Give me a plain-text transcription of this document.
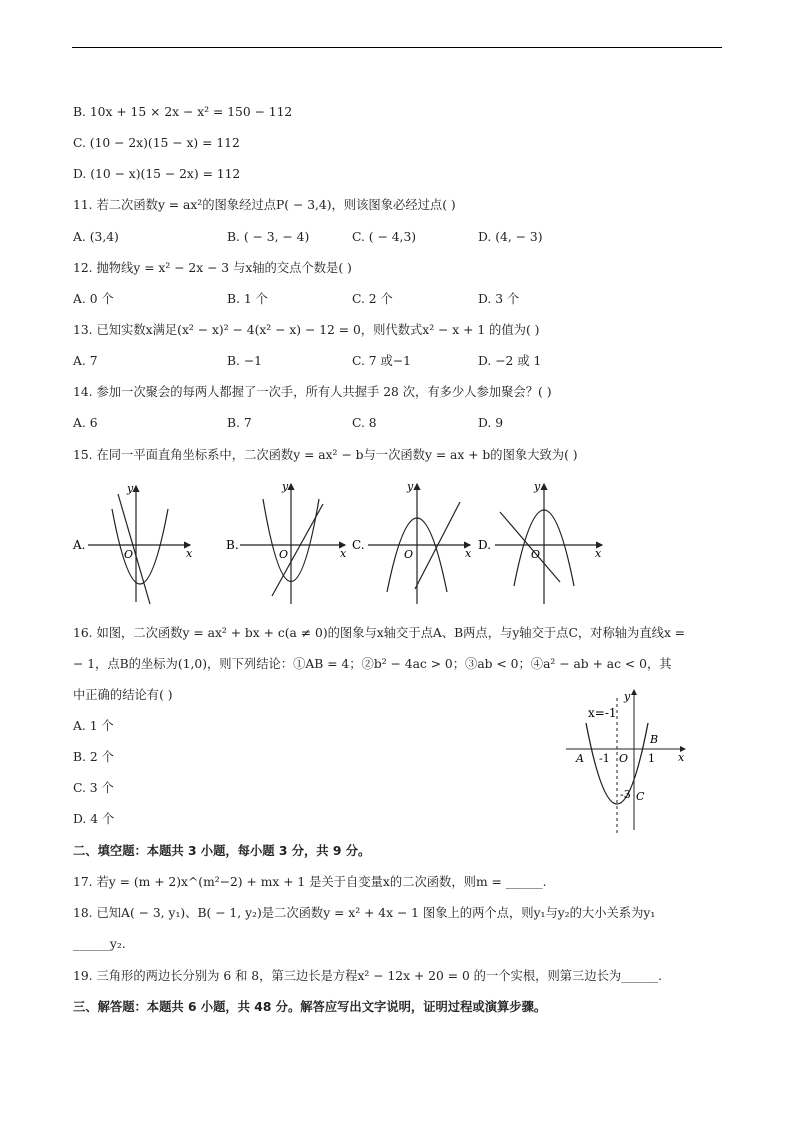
B. 10x + 15 × 2x − x² = 150 − 112
C. (10 − 2x)(15 − x) = 112
D. (10 − x)(15 − 2x) = 112
11. 若二次函数y = ax²的图象经过点P( − 3,4)，则该图象必经过点( )
A. (3,4)	B. ( − 3, − 4)	C. ( − 4,3)	D. (4, − 3)
12. 抛物线y = x² − 2x − 3 与x轴的交点个数是( )
A. 0 个	B. 1 个	C. 2 个	D. 3 个
13. 已知实数x满足(x² − x)² − 4(x² − x) − 12 = 0，则代数式x² − x + 1 的值为( )
A. 7	B. −1	C. 7 或−1	D. −2 或 1
14. 参加一次聚会的每两人都握了一次手，所有人共握手 28 次，有多少人参加聚会？( )
A. 6	B. 7	C. 8	D. 9
15. 在同一平面直角坐标系中，二次函数y = ax² − b与一次函数y = ax + b的图象大致为( )
A.
y
x
O
B.
y
x
O
C.
y
x
O
D.
y
x
O
16. 如图，二次函数y = ax² + bx + c(a ≠ 0)的图象与x轴交于点A、B两点，与y轴交于点C，对称轴为直线x =
− 1，点B的坐标为(1,0)，则下列结论：①AB = 4；②b² − 4ac > 0；③ab < 0；④a² − ab + ac < 0，其
中正确的结论有( )
A. 1 个
B. 2 个
C. 3 个
D. 4 个
x=-1
y
x
A -1 O 1
B
-3 C
二、填空题：本题共 3 小题，每小题 3 分，共 9 分。
17. 若y = (m + 2)x^(m²−2) + mx + 1 是关于自变量x的二次函数，则m = ______.
18. 已知A( − 3, y₁)、B( − 1, y₂)是二次函数y = x² + 4x − 1 图象上的两个点，则y₁与y₂的大小关系为y₁
______y₂.
19. 三角形的两边长分别为 6 和 8，第三边长是方程x² − 12x + 20 = 0 的一个实根，则第三边长为______.
三、解答题：本题共 6 小题，共 48 分。解答应写出文字说明，证明过程或演算步骤。
